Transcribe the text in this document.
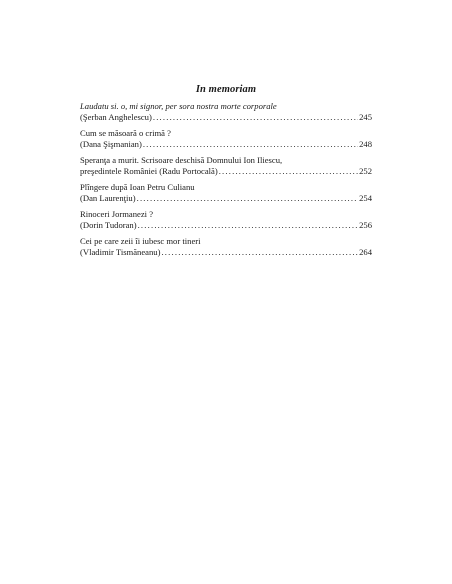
In memoriam
Laudatu si. o, mi signor, per sora nostra morte corporale
(Şerban Anghelescu) .....	245
Cum se măsoară o crimă ?
(Dana Şişmanian) .....	248
Speranţa a murit. Scrisoare deschisă Domnului Ion Iliescu,
preşedintele României (Radu Portocală) .....	252
Plîngere după Ioan Petru Culianu
(Dan Laurenţiu) .....	254
Rinoceri Jormanezi ?
(Dorin Tudoran) .....	256
Cei pe care zeii îi iubesc mor tineri
(Vladimir Tismăneanu) .....	264
